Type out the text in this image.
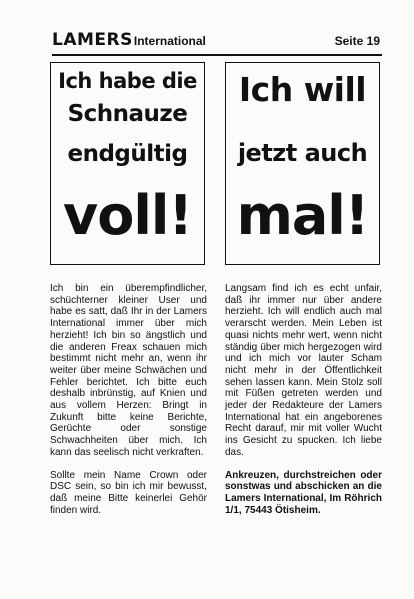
LAMERS International	Seite 19
Ich habe die
Schnauze
endgültig
voll!
Ich will
jetzt auch
mal!

Ich bin ein überempfindlicher, schüchterner kleiner User und habe es satt, daß Ihr in der Lamers International immer über mich herzieht! Ich bin so ängstlich und die anderen Freax schauen mich bestimmt nicht mehr an, wenn ihr weiter über meine Schwächen und Fehler berichtet. Ich bitte euch deshalb inbrünstig, auf Knien und aus vollem Herzen: Bringt in Zukunft bitte keine Berichte, Gerüchte oder sonstige Schwachheiten über mich. Ich kann das seelisch nicht verkraften.

Sollte mein Name Crown oder DSC sein, so bin ich mir bewusst, daß meine Bitte keinerlei Gehör finden wird.

Langsam find ich es echt unfair, daß ihr immer nur über andere herzieht. Ich will endlich auch mal verarscht werden. Mein Leben ist quasi nichts mehr wert, wenn nicht ständig über mich hergezogen wird und ich mich vor lauter Scham nicht mehr in der Öffentlichkeit sehen lassen kann. Mein Stolz soll mit Füßen getreten werden und jeder der Redakteure der Lamers International hat ein angeborenes Recht darauf, mir mit voller Wucht ins Gesicht zu spucken. Ich liebe das.

Ankreuzen, durchstreichen oder sonstwas und abschicken an die Lamers International, Im Röhrich 1/1, 75443 Ötisheim.
